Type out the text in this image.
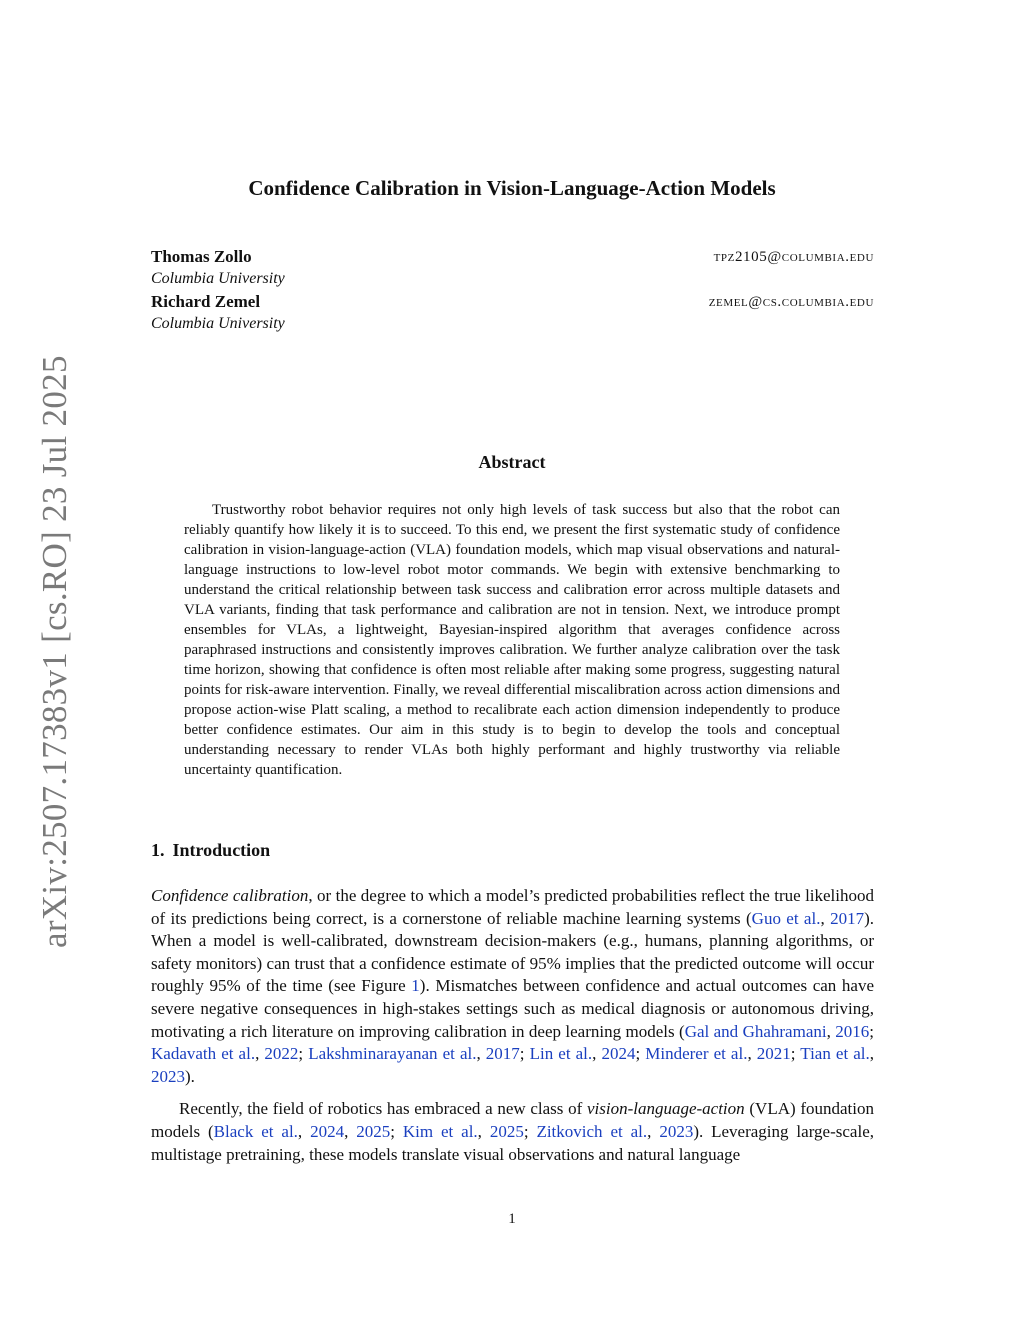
arXiv:2507.17383v1 [cs.RO] 23 Jul 2025
Confidence Calibration in Vision-Language-Action Models
Thomas Zollo
Columbia University
tpz2105@columbia.edu
Richard Zemel
Columbia University
zemel@cs.columbia.edu
Abstract
Trustworthy robot behavior requires not only high levels of task success but also that the robot can reliably quantify how likely it is to succeed. To this end, we present the first systematic study of confidence calibration in vision-language-action (VLA) foundation models, which map visual observations and natural-language instructions to low-level robot motor commands. We begin with extensive benchmarking to understand the critical relationship between task success and calibration error across multiple datasets and VLA variants, finding that task performance and calibration are not in tension. Next, we introduce prompt ensembles for VLAs, a lightweight, Bayesian-inspired algorithm that averages confidence across paraphrased instructions and consistently improves calibration. We further analyze calibration over the task time horizon, showing that confidence is often most reliable after making some progress, suggesting natural points for risk-aware intervention. Finally, we reveal differential miscalibration across action dimensions and propose action-wise Platt scaling, a method to recalibrate each action dimension independently to produce better confidence estimates. Our aim in this study is to begin to develop the tools and conceptual understanding necessary to render VLAs both highly performant and highly trustworthy via reliable uncertainty quantification.
1. Introduction

Confidence calibration, or the degree to which a model’s predicted probabilities reflect the true likelihood of its predictions being correct, is a cornerstone of reliable machine learning systems (Guo et al., 2017). When a model is well-calibrated, downstream decision-makers (e.g., humans, planning algorithms, or safety monitors) can trust that a confidence estimate of 95% implies that the predicted outcome will occur roughly 95% of the time (see Figure 1). Mismatches between confidence and actual outcomes can have severe negative consequences in high-stakes settings such as medical diagnosis or autonomous driving, motivating a rich literature on improving calibration in deep learning models (Gal and Ghahramani, 2016; Kadavath et al., 2022; Lakshminarayanan et al., 2017; Lin et al., 2024; Minderer et al., 2021; Tian et al., 2023).

Recently, the field of robotics has embraced a new class of vision-language-action (VLA) foundation models (Black et al., 2024, 2025; Kim et al., 2025; Zitkovich et al., 2023). Leveraging large-scale, multistage pretraining, these models translate visual observations and natural language

1
